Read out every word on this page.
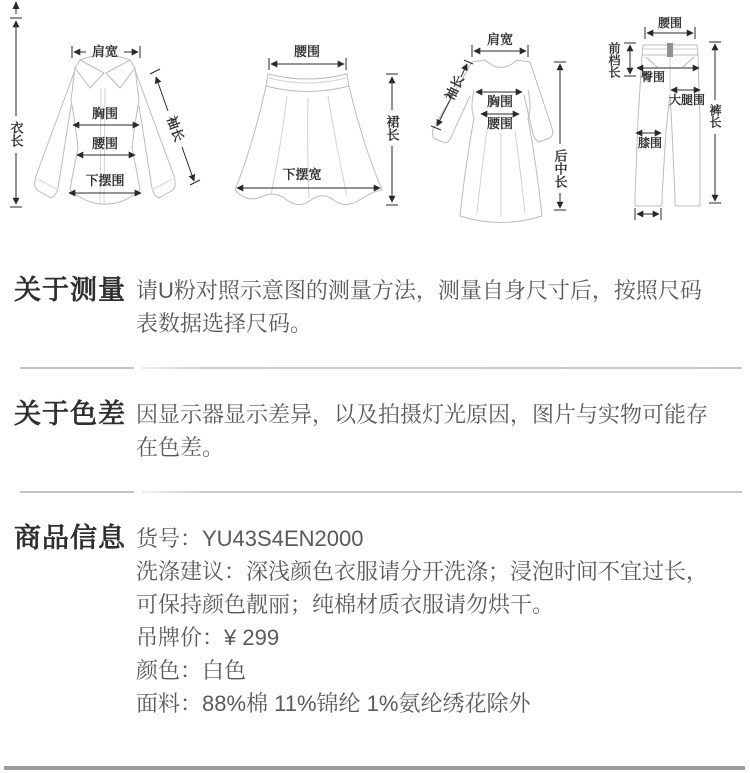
衣长
肩宽
胸围
腰围
下摆围
袖长
腰围
下摆宽
裙长
肩宽
袖长 胸围
腰围
后中长
腰围
前档长 臀围
大腿围
膝围
裤长
关于测量 请U粉对照示意图的测量方法，测量自身尺寸后，按照尺码
表数据选择尺码。
关于色差 因显示器显示差异，以及拍摄灯光原因，图片与实物可能存
在色差。
商品信息 货号：YU43S4EN2000
洗涤建议：深浅颜色衣服请分开洗涤；浸泡时间不宜过长，
可保持颜色靓丽；纯棉材质衣服请勿烘干。
吊牌价：¥ 299
颜色：白色
面料：88%棉 11%锦纶 1%氨纶绣花除外
